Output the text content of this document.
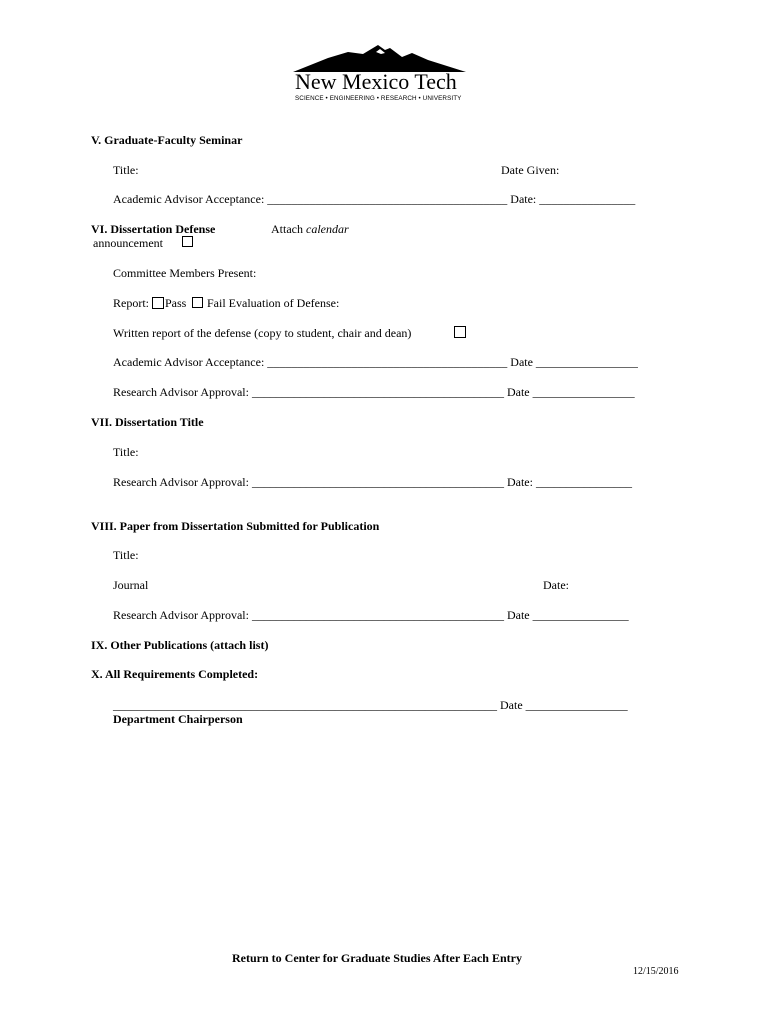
New Mexico Tech
SCIENCE • ENGINEERING • RESEARCH • UNIVERSITY
V. Graduate-Faculty Seminar
Title:	Date Given:
Academic Advisor Acceptance: ________________________________________ Date: ________________
VI. Dissertation Defense	Attach calendar
announcement
Committee Members Present:
Report: Pass Fail Evaluation of Defense:
Written report of the defense (copy to student, chair and dean)
Academic Advisor Acceptance: ________________________________________ Date _________________
Research Advisor Approval: __________________________________________ Date _________________
VII. Dissertation Title
Title:
Research Advisor Approval: __________________________________________ Date: ________________
VIII. Paper from Dissertation Submitted for Publication
Title:
Journal	Date:
Research Advisor Approval: __________________________________________ Date ________________
IX. Other Publications (attach list)
X. All Requirements Completed:
________________________________________________________________ Date _________________
Department Chairperson
Return to Center for Graduate Studies After Each Entry
12/15/2016
